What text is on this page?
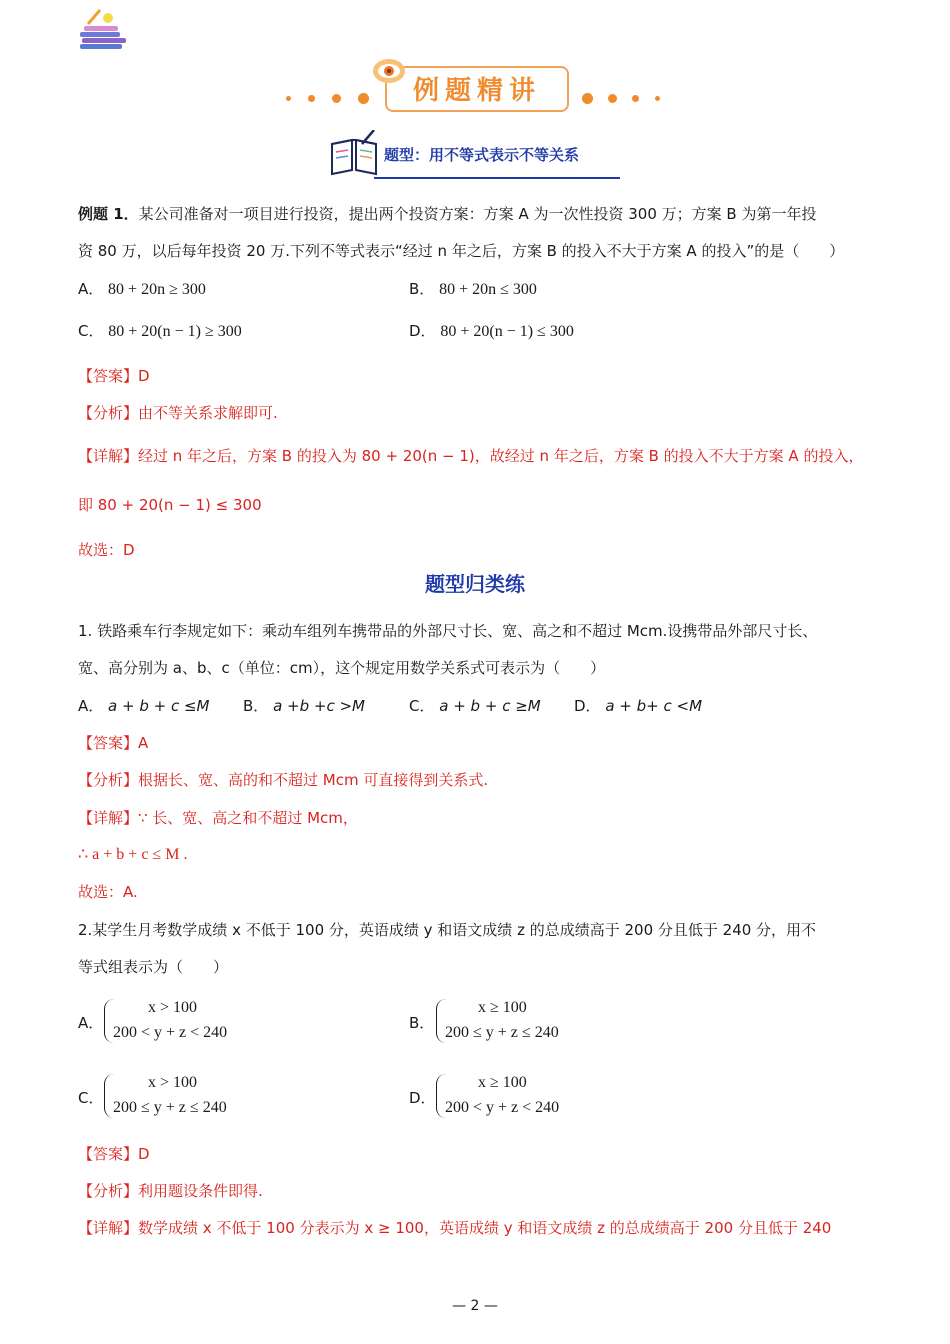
例题精讲
题型：用不等式表示不等关系
例题 1．某公司准备对一项目进行投资，提出两个投资方案：方案 A 为一次性投资 300 万；方案 B 为第一年投
资 80 万，以后每年投资 20 万.下列不等式表示“经过 n 年之后，方案 B 的投入不大于方案 A 的投入”的是（　　）
A． 80 + 20n ≥ 300	B． 80 + 20n ≤ 300
C． 80 + 20(n − 1) ≥ 300	D． 80 + 20(n − 1) ≤ 300
【答案】D
【分析】由不等关系求解即可.
【详解】经过 n 年之后，方案 B 的投入为 80 + 20(n − 1)，故经过 n 年之后，方案 B 的投入不大于方案 A 的投入，
即 80 + 20(n − 1) ≤ 300
故选：D
题型归类练
1. 铁路乘车行李规定如下：乘动车组列车携带品的外部尺寸长、宽、高之和不超过 Mcm.设携带品外部尺寸长、
宽、高分别为 a、b、c（单位：cm），这个规定用数学关系式可表示为（　　）
A． a + b + c ≤M B． a +b +c >M	C． a + b + c ≥M D． a + b+ c <M
【答案】A
【分析】根据长、宽、高的和不超过 Mcm 可直接得到关系式.
【详解】∵ 长、宽、高之和不超过 Mcm，
∴ a + b + c ≤ M .
故选：A.
2.某学生月考数学成绩 x 不低于 100 分，英语成绩 y 和语文成绩 z 的总成绩高于 200 分且低于 240 分，用不
等式组表示为（　　）
A．
x > 100
200 < y + z < 240
B．
x ≥ 100
200 ≤ y + z ≤ 240
C．
x > 100
200 ≤ y + z ≤ 240
D．
x ≥ 100
200 < y + z < 240
【答案】D
【分析】利用题设条件即得.
【详解】数学成绩 x 不低于 100 分表示为 x ≥ 100，英语成绩 y 和语文成绩 z 的总成绩高于 200 分且低于 240
— 2 —
